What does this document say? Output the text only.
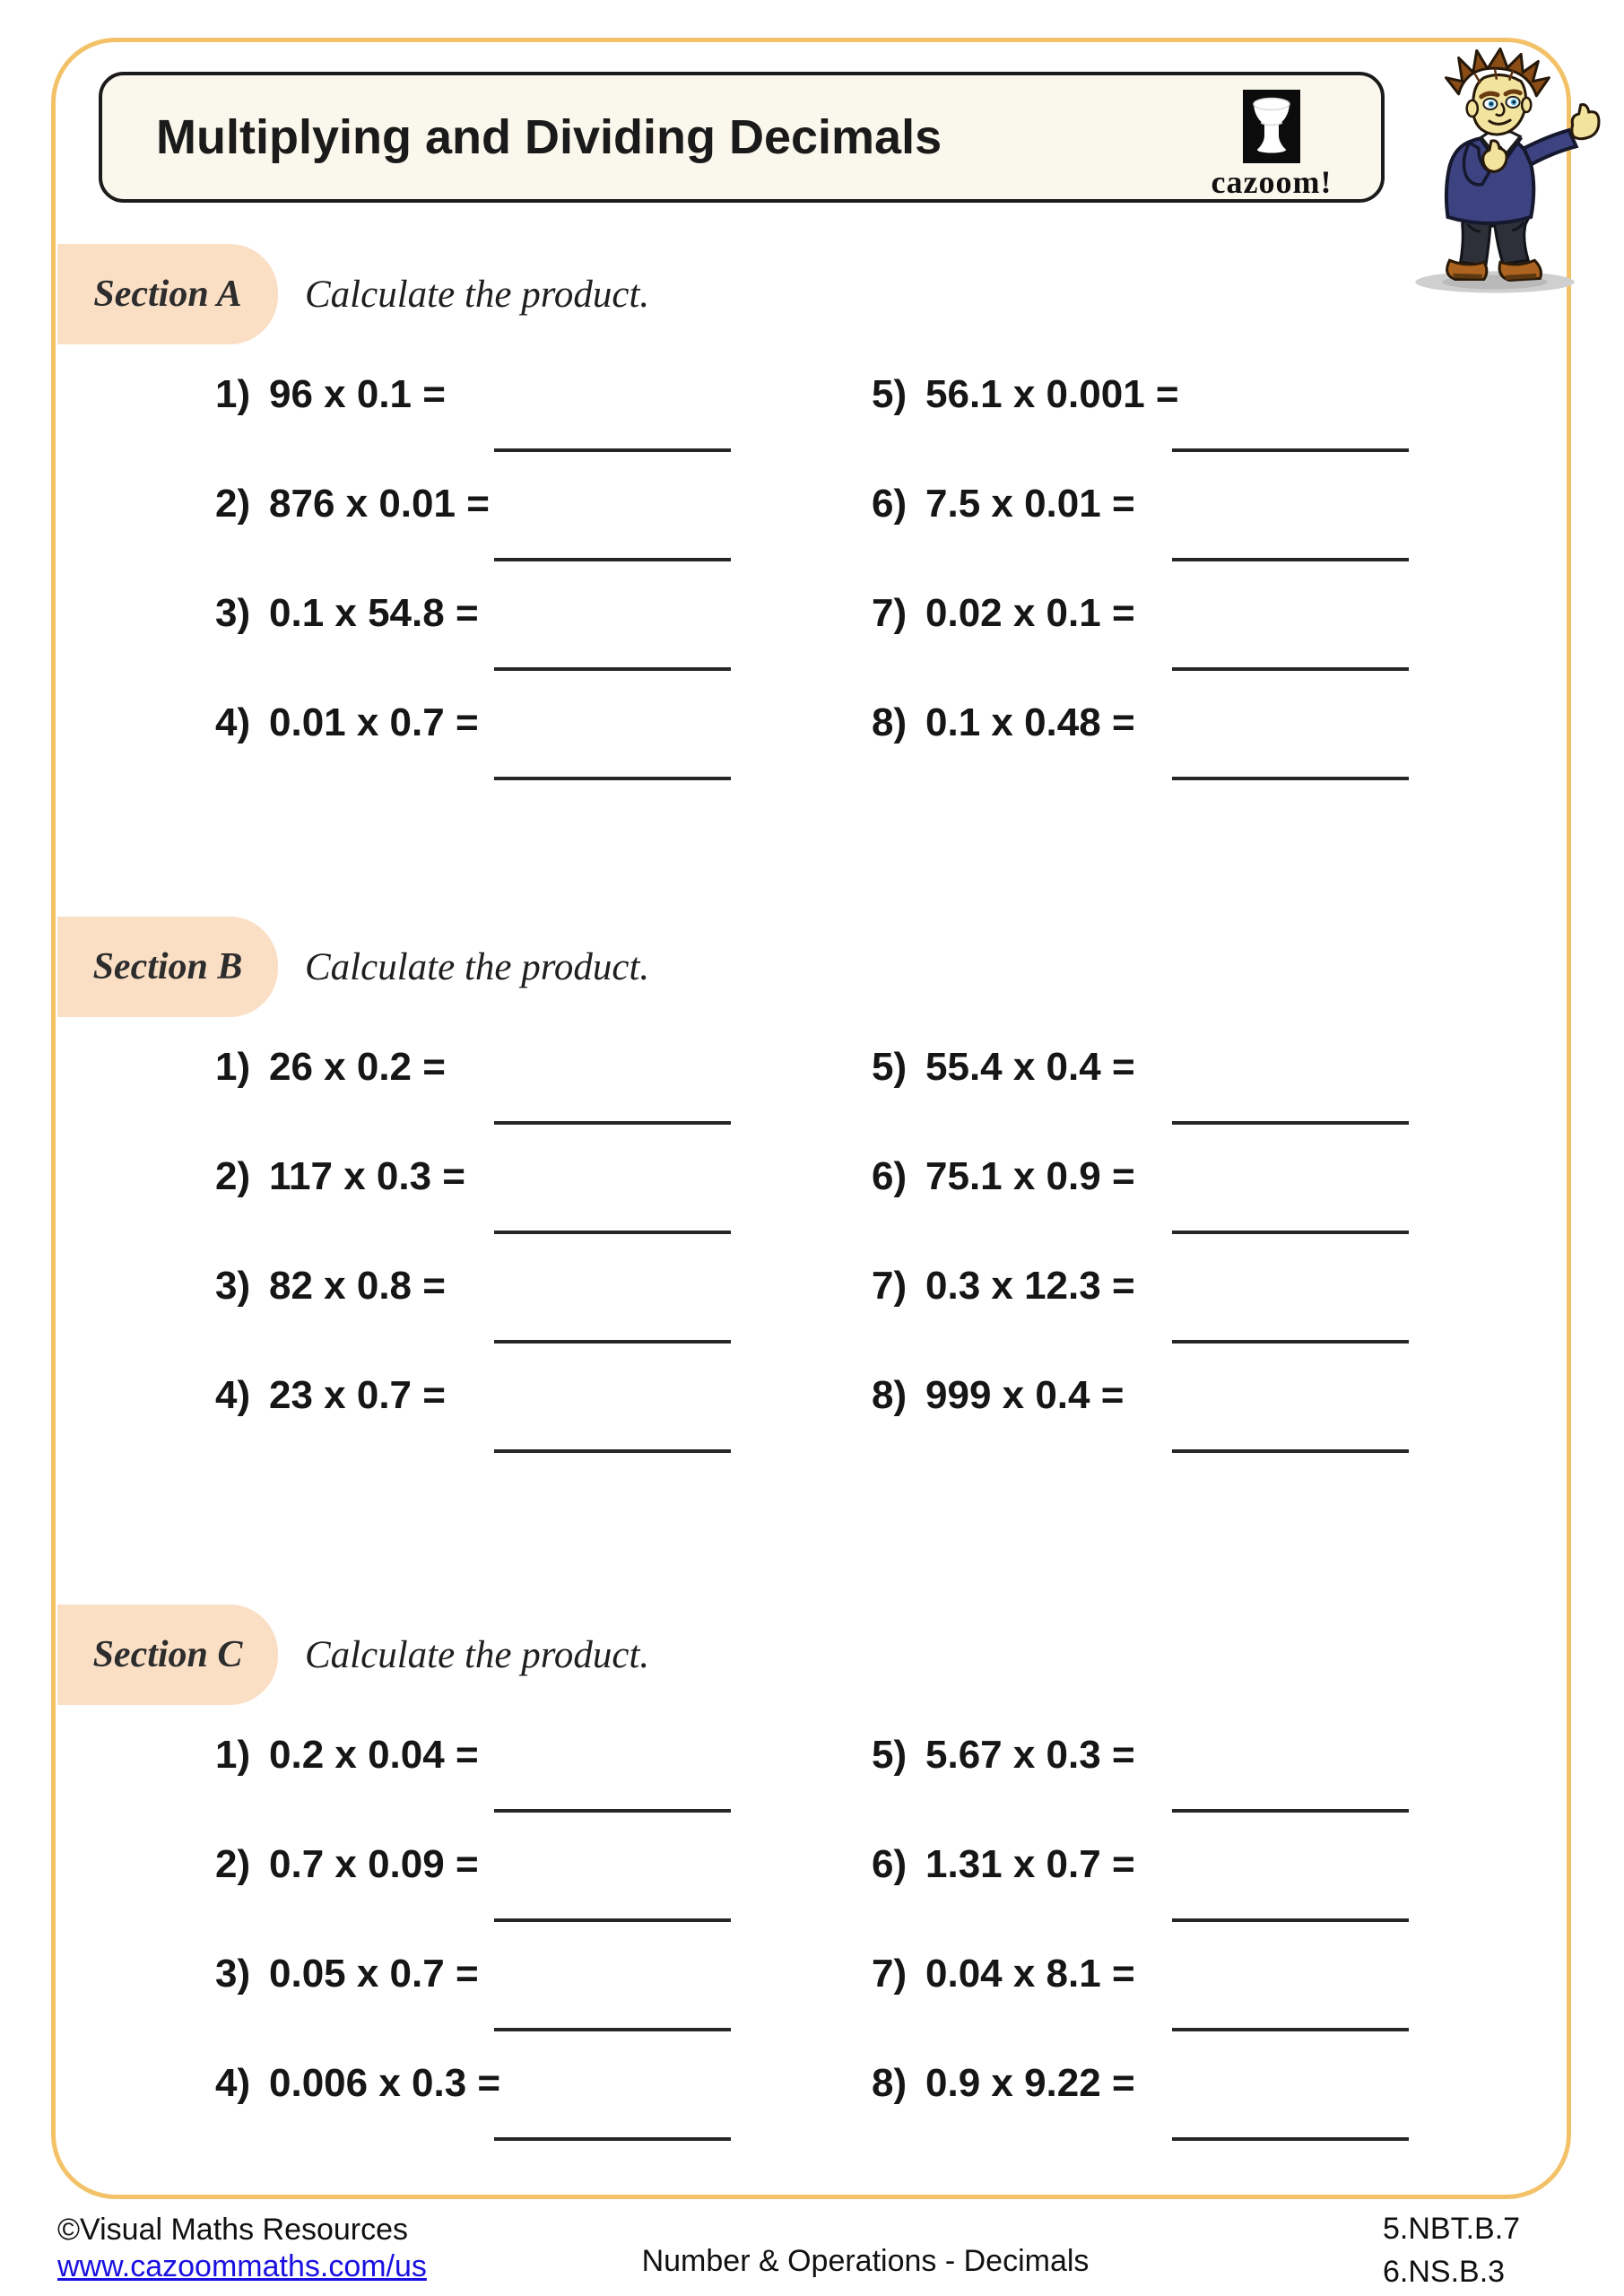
Multiplying and Dividing Decimals
cazoom!
Section A Calculate the product.
1) 96 x 0.1 =
2) 876 x 0.01 =
3) 0.1 x 54.8 =
4) 0.01 x 0.7 =
5) 56.1 x 0.001 =
6) 7.5 x 0.01 =
7) 0.02 x 0.1 =
8) 0.1 x 0.48 =
Section B Calculate the product.
1) 26 x 0.2 =
2) 117 x 0.3 =
3) 82 x 0.8 =
4) 23 x 0.7 =
5) 55.4 x 0.4 =
6) 75.1 x 0.9 =
7) 0.3 x 12.3 =
8) 999 x 0.4 =
Section C Calculate the product.
1) 0.2 x 0.04 =
2) 0.7 x 0.09 =
3) 0.05 x 0.7 =
4) 0.006 x 0.3 =
5) 5.67 x 0.3 =
6) 1.31 x 0.7 =
7) 0.04 x 8.1 =
8) 0.9 x 9.22 =
©Visual Maths Resources
www.cazoommaths.com/us	Number & Operations - Decimals
5.NBT.B.7
6.NS.B.3
